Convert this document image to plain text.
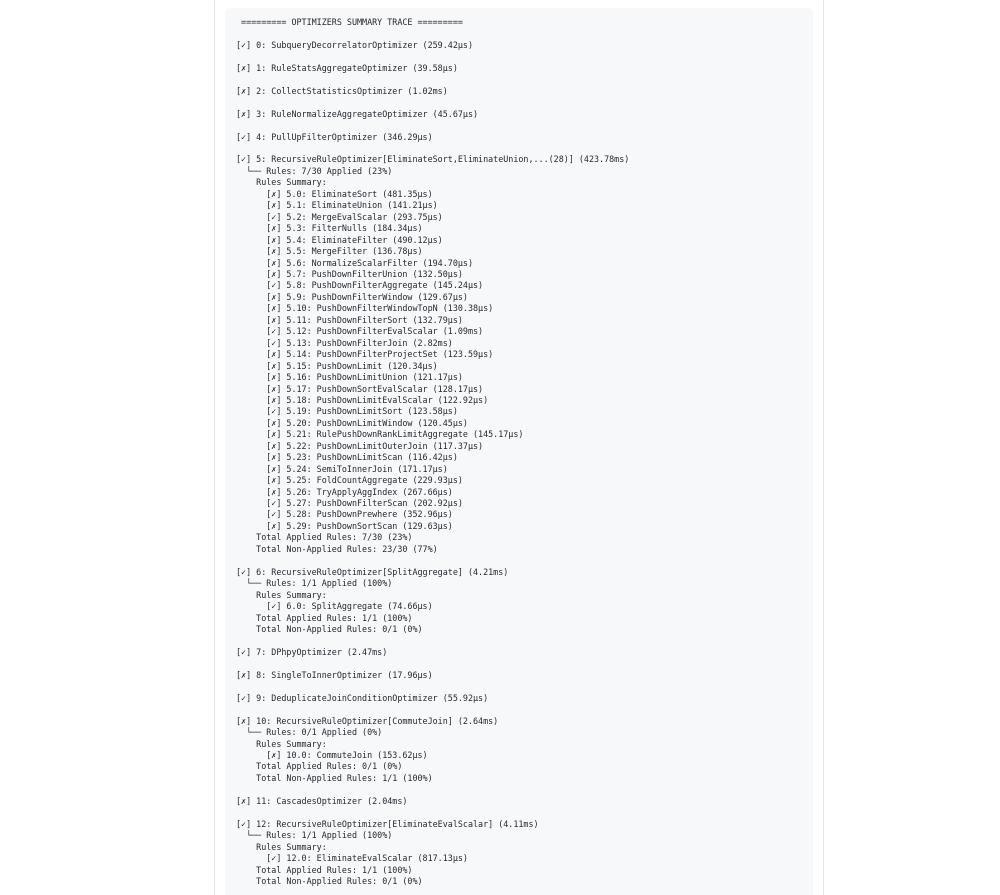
========= OPTIMIZERS SUMMARY TRACE =========

[✓] 0: SubqueryDecorrelatorOptimizer (259.42μs)

[✗] 1: RuleStatsAggregateOptimizer (39.58μs)

[✗] 2: CollectStatisticsOptimizer (1.02ms)

[✗] 3: RuleNormalizeAggregateOptimizer (45.67μs)

[✓] 4: PullUpFilterOptimizer (346.29μs)

[✓] 5: RecursiveRuleOptimizer[EliminateSort,EliminateUnion,...(28)] (423.78ms)
└── Rules: 7/30 Applied (23%)
Rules Summary:
[✗] 5.0: EliminateSort (481.35μs)
[✗] 5.1: EliminateUnion (141.21μs)
[✓] 5.2: MergeEvalScalar (293.75μs)
[✗] 5.3: FilterNulls (184.34μs)
[✗] 5.4: EliminateFilter (490.12μs)
[✗] 5.5: MergeFilter (136.78μs)
[✗] 5.6: NormalizeScalarFilter (194.70μs)
[✗] 5.7: PushDownFilterUnion (132.50μs)
[✓] 5.8: PushDownFilterAggregate (145.24μs)
[✗] 5.9: PushDownFilterWindow (129.67μs)
[✗] 5.10: PushDownFilterWindowTopN (130.38μs)
[✗] 5.11: PushDownFilterSort (132.79μs)
[✓] 5.12: PushDownFilterEvalScalar (1.09ms)
[✓] 5.13: PushDownFilterJoin (2.82ms)
[✗] 5.14: PushDownFilterProjectSet (123.59μs)
[✗] 5.15: PushDownLimit (120.34μs)
[✗] 5.16: PushDownLimitUnion (121.17μs)
[✗] 5.17: PushDownSortEvalScalar (128.17μs)
[✗] 5.18: PushDownLimitEvalScalar (122.92μs)
[✓] 5.19: PushDownLimitSort (123.58μs)
[✗] 5.20: PushDownLimitWindow (120.45μs)
[✗] 5.21: RulePushDownRankLimitAggregate (145.17μs)
[✗] 5.22: PushDownLimitOuterJoin (117.37μs)
[✗] 5.23: PushDownLimitScan (116.42μs)
[✗] 5.24: SemiToInnerJoin (171.17μs)
[✗] 5.25: FoldCountAggregate (229.93μs)
[✗] 5.26: TryApplyAggIndex (267.66μs)
[✓] 5.27: PushDownFilterScan (202.92μs)
[✓] 5.28: PushDownPrewhere (352.96μs)
[✗] 5.29: PushDownSortScan (129.63μs)
Total Applied Rules: 7/30 (23%)
Total Non-Applied Rules: 23/30 (77%)

[✓] 6: RecursiveRuleOptimizer[SplitAggregate] (4.21ms)
└── Rules: 1/1 Applied (100%)
Rules Summary:
[✓] 6.0: SplitAggregate (74.66μs)
Total Applied Rules: 1/1 (100%)
Total Non-Applied Rules: 0/1 (0%)

[✓] 7: DPhpyOptimizer (2.47ms)

[✗] 8: SingleToInnerOptimizer (17.96μs)

[✓] 9: DeduplicateJoinConditionOptimizer (55.92μs)

[✗] 10: RecursiveRuleOptimizer[CommuteJoin] (2.64ms)
└── Rules: 0/1 Applied (0%)
Rules Summary:
[✗] 10.0: CommuteJoin (153.62μs)
Total Applied Rules: 0/1 (0%)
Total Non-Applied Rules: 1/1 (100%)

[✗] 11: CascadesOptimizer (2.04ms)

[✓] 12: RecursiveRuleOptimizer[EliminateEvalScalar] (4.11ms)
└── Rules: 1/1 Applied (100%)
Rules Summary:
[✓] 12.0: EliminateEvalScalar (817.13μs)
Total Applied Rules: 1/1 (100%)
Total Non-Applied Rules: 0/1 (0%)
